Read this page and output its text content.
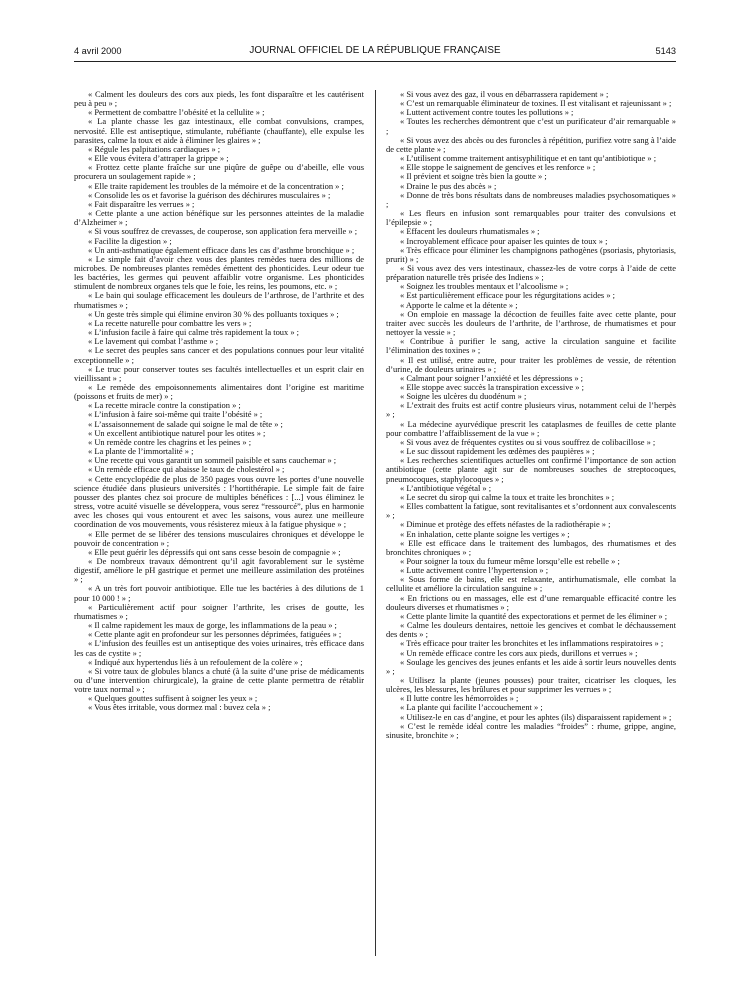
4 avril 2000	JOURNAL OFFICIEL DE LA RÉPUBLIQUE FRANÇAISE	5143

« Calment les douleurs des cors aux pieds, les font disparaître et les cautérisent peu à peu » ;

« Permettent de combattre l’obésité et la cellulite » ;

« La plante chasse les gaz intestinaux, elle combat convulsions, crampes, nervosité. Elle est antiseptique, stimulante, rubéfiante (chauffante), elle expulse les parasites, calme la toux et aide à éliminer les glaires » ;

« Régule les palpitations cardiaques » ;

« Elle vous évitera d’attraper la grippe » ;

« Frottez cette plante fraîche sur une piqûre de guêpe ou d’abeille, elle vous procurera un soulagement rapide » ;

« Elle traite rapidement les troubles de la mémoire et de la concentration » ;

« Consolide les os et favorise la guérison des déchirures musculaires » ;

« Fait disparaître les verrues » ;

« Cette plante a une action bénéfique sur les personnes atteintes de la maladie d’Alzheimer » ;

« Si vous souffrez de crevasses, de couperose, son application fera merveille » ;

« Facilite la digestion » ;

« Un anti-asthmatique également efficace dans les cas d’asthme bronchique » ;

« Le simple fait d’avoir chez vous des plantes remèdes tuera des millions de microbes. De nombreuses plantes remèdes émettent des phonticides. Leur odeur tue les bactéries, les germes qui peuvent affaiblir votre organisme. Les phonticides stimulent de nombreux organes tels que le foie, les reins, les poumons, etc. » ;

« Le bain qui soulage efficacement les douleurs de l’arthrose, de l’arthrite et des rhumatismes » ;

« Un geste très simple qui élimine environ 30 % des polluants toxiques » ;

« La recette naturelle pour combattre les vers » ;

« L’infusion facile à faire qui calme très rapidement la toux » ;

« Le lavement qui combat l’asthme » ;

« Le secret des peuples sans cancer et des populations connues pour leur vitalité exceptionnelle » ;

« Le truc pour conserver toutes ses facultés intellectuelles et un esprit clair en vieillissant » ;

« Le remède des empoisonnements alimentaires dont l’origine est maritime (poissons et fruits de mer) » ;

« La recette miracle contre la constipation » ;

« L’infusion à faire soi-même qui traite l’obésité » ;

« L’assaisonnement de salade qui soigne le mal de tête » ;

« Un excellent antibiotique naturel pour les otites » ;

« Un remède contre les chagrins et les peines » ;

« La plante de l’immortalité » ;

« Une recette qui vous garantit un sommeil paisible et sans cauchemar » ;

« Un remède efficace qui abaisse le taux de cholestérol » ;

« Cette encyclopédie de plus de 350 pages vous ouvre les portes d’une nouvelle science étudiée dans plusieurs universités : l’hortithérapie. Le simple fait de faire pousser des plantes chez soi procure de multiples bénéfices : [...] vous éliminez le stress, votre acuité visuelle se développera, vous serez “ressourcé”, plus en harmonie avec les choses qui vous entourent et avec les saisons, vous aurez une meilleure coordination de vos mouvements, vous résisterez mieux à la fatigue physique » ;

« Elle permet de se libérer des tensions musculaires chroniques et développe le pouvoir de concentration » ;

« Elle peut guérir les dépressifs qui ont sans cesse besoin de compagnie » ;

« De nombreux travaux démontrent qu’il agit favorablement sur le système digestif, améliore le pH gastrique et permet une meilleure assimilation des protéines » ;

« A un très fort pouvoir antibiotique. Elle tue les bactéries à des dilutions de 1 pour 10 000 ! » ;

« Particulièrement actif pour soigner l’arthrite, les crises de goutte, les rhumatismes » ;

« Il calme rapidement les maux de gorge, les inflammations de la peau » ;

« Cette plante agit en profondeur sur les personnes déprimées, fatiguées » ;

« L’infusion des feuilles est un antiseptique des voies urinaires, très efficace dans les cas de cystite » ;

« Indiqué aux hypertendus liés à un refoulement de la colère » ;

« Si votre taux de globules blancs a chuté (à la suite d’une prise de médicaments ou d’une intervention chirurgicale), la graine de cette plante permettra de rétablir votre taux normal » ;

« Quelques gouttes suffisent à soigner les yeux » ;

« Vous êtes irritable, vous dormez mal : buvez cela » ;

« Si vous avez des gaz, il vous en débarrassera rapidement » ;

« C’est un remarquable éliminateur de toxines. Il est vitalisant et rajeunissant » ;

« Luttent activement contre toutes les pollutions » ;

« Toutes les recherches démontrent que c’est un purificateur d’air remarquable » ;

« Si vous avez des abcès ou des furoncles à répétition, purifiez votre sang à l’aide de cette plante » ;

« L’utilisent comme traitement antisyphilitique et en tant qu’antibiotique » ;

« Elle stoppe le saignement de gencives et les renforce » ;

« Il prévient et soigne très bien la goutte » ;

« Draine le pus des abcès » ;

« Donne de très bons résultats dans de nombreuses maladies psychosomatiques » ;

« Les fleurs en infusion sont remarquables pour traiter des convulsions et l’épilepsie » ;

« Effacent les douleurs rhumatismales » ;

« Incroyablement efficace pour apaiser les quintes de toux » ;

« Très efficace pour éliminer les champignons pathogènes (psoriasis, phytoriasis, prurit) » ;

« Si vous avez des vers intestinaux, chassez-les de votre corps à l’aide de cette préparation naturelle très prisée des Indiens » ;

« Soignez les troubles mentaux et l’alcoolisme » ;

« Est particulièrement efficace pour les régurgitations acides » ;

« Apporte le calme et la détente » ;

« On emploie en massage la décoction de feuilles faite avec cette plante, pour traiter avec succès les douleurs de l’arthrite, de l’arthrose, de rhumatismes et pour nettoyer la vessie » ;

« Contribue à purifier le sang, active la circulation sanguine et facilite l’élimination des toxines » ;

« Il est utilisé, entre autre, pour traiter les problèmes de vessie, de rétention d’urine, de douleurs urinaires » ;

« Calmant pour soigner l’anxiété et les dépressions » ;

« Elle stoppe avec succès la transpiration excessive » ;

« Soigne les ulcères du duodénum » ;

« L’extrait des fruits est actif contre plusieurs virus, notamment celui de l’herpès » ;

« La médecine ayurvédique prescrit les cataplasmes de feuilles de cette plante pour combattre l’affaiblissement de la vue » ;

« Si vous avez de fréquentes cystites ou si vous souffrez de colibacillose » ;

« Le suc dissout rapidement les œdèmes des paupières » ;

« Les recherches scientifiques actuelles ont confirmé l’importance de son action antibiotique (cette plante agit sur de nombreuses souches de streptocoques, pneumocoques, staphylocoques » ;

« L’antibiotique végétal » ;

« Le secret du sirop qui calme la toux et traite les bronchites » ;

« Elles combattent la fatigue, sont revitalisantes et s’ordonnent aux convalescents » ;

« Diminue et protège des effets néfastes de la radiothérapie » ;

« En inhalation, cette plante soigne les vertiges » ;

« Elle est efficace dans le traitement des lumbagos, des rhumatismes et des bronchites chroniques » ;

« Pour soigner la toux du fumeur même lorsqu’elle est rebelle » ;

« Lutte activement contre l’hypertension » ;

« Sous forme de bains, elle est relaxante, antirhumatismale, elle combat la cellulite et améliore la circulation sanguine » ;

« En frictions ou en massages, elle est d’une remarquable efficacité contre les douleurs diverses et rhumatismes » ;

« Cette plante limite la quantité des expectorations et permet de les éliminer » ;

« Calme les douleurs dentaires, nettoie les gencives et combat le déchaussement des dents » ;

« Très efficace pour traiter les bronchites et les inflammations respiratoires » ;

« Un remède efficace contre les cors aux pieds, durillons et verrues » ;

« Soulage les gencives des jeunes enfants et les aide à sortir leurs nouvelles dents » ;

« Utilisez la plante (jeunes pousses) pour traiter, cicatriser les cloques, les ulcères, les blessures, les brûlures et pour supprimer les verrues » ;

« Il lutte contre les hémorroïdes » ;

« La plante qui facilite l’accouchement » ;

« Utilisez-le en cas d’angine, et pour les aphtes (ils) disparaissent rapidement » ;

« C’est le remède idéal contre les maladies “froides” : rhume, grippe, angine, sinusite, bronchite » ;
